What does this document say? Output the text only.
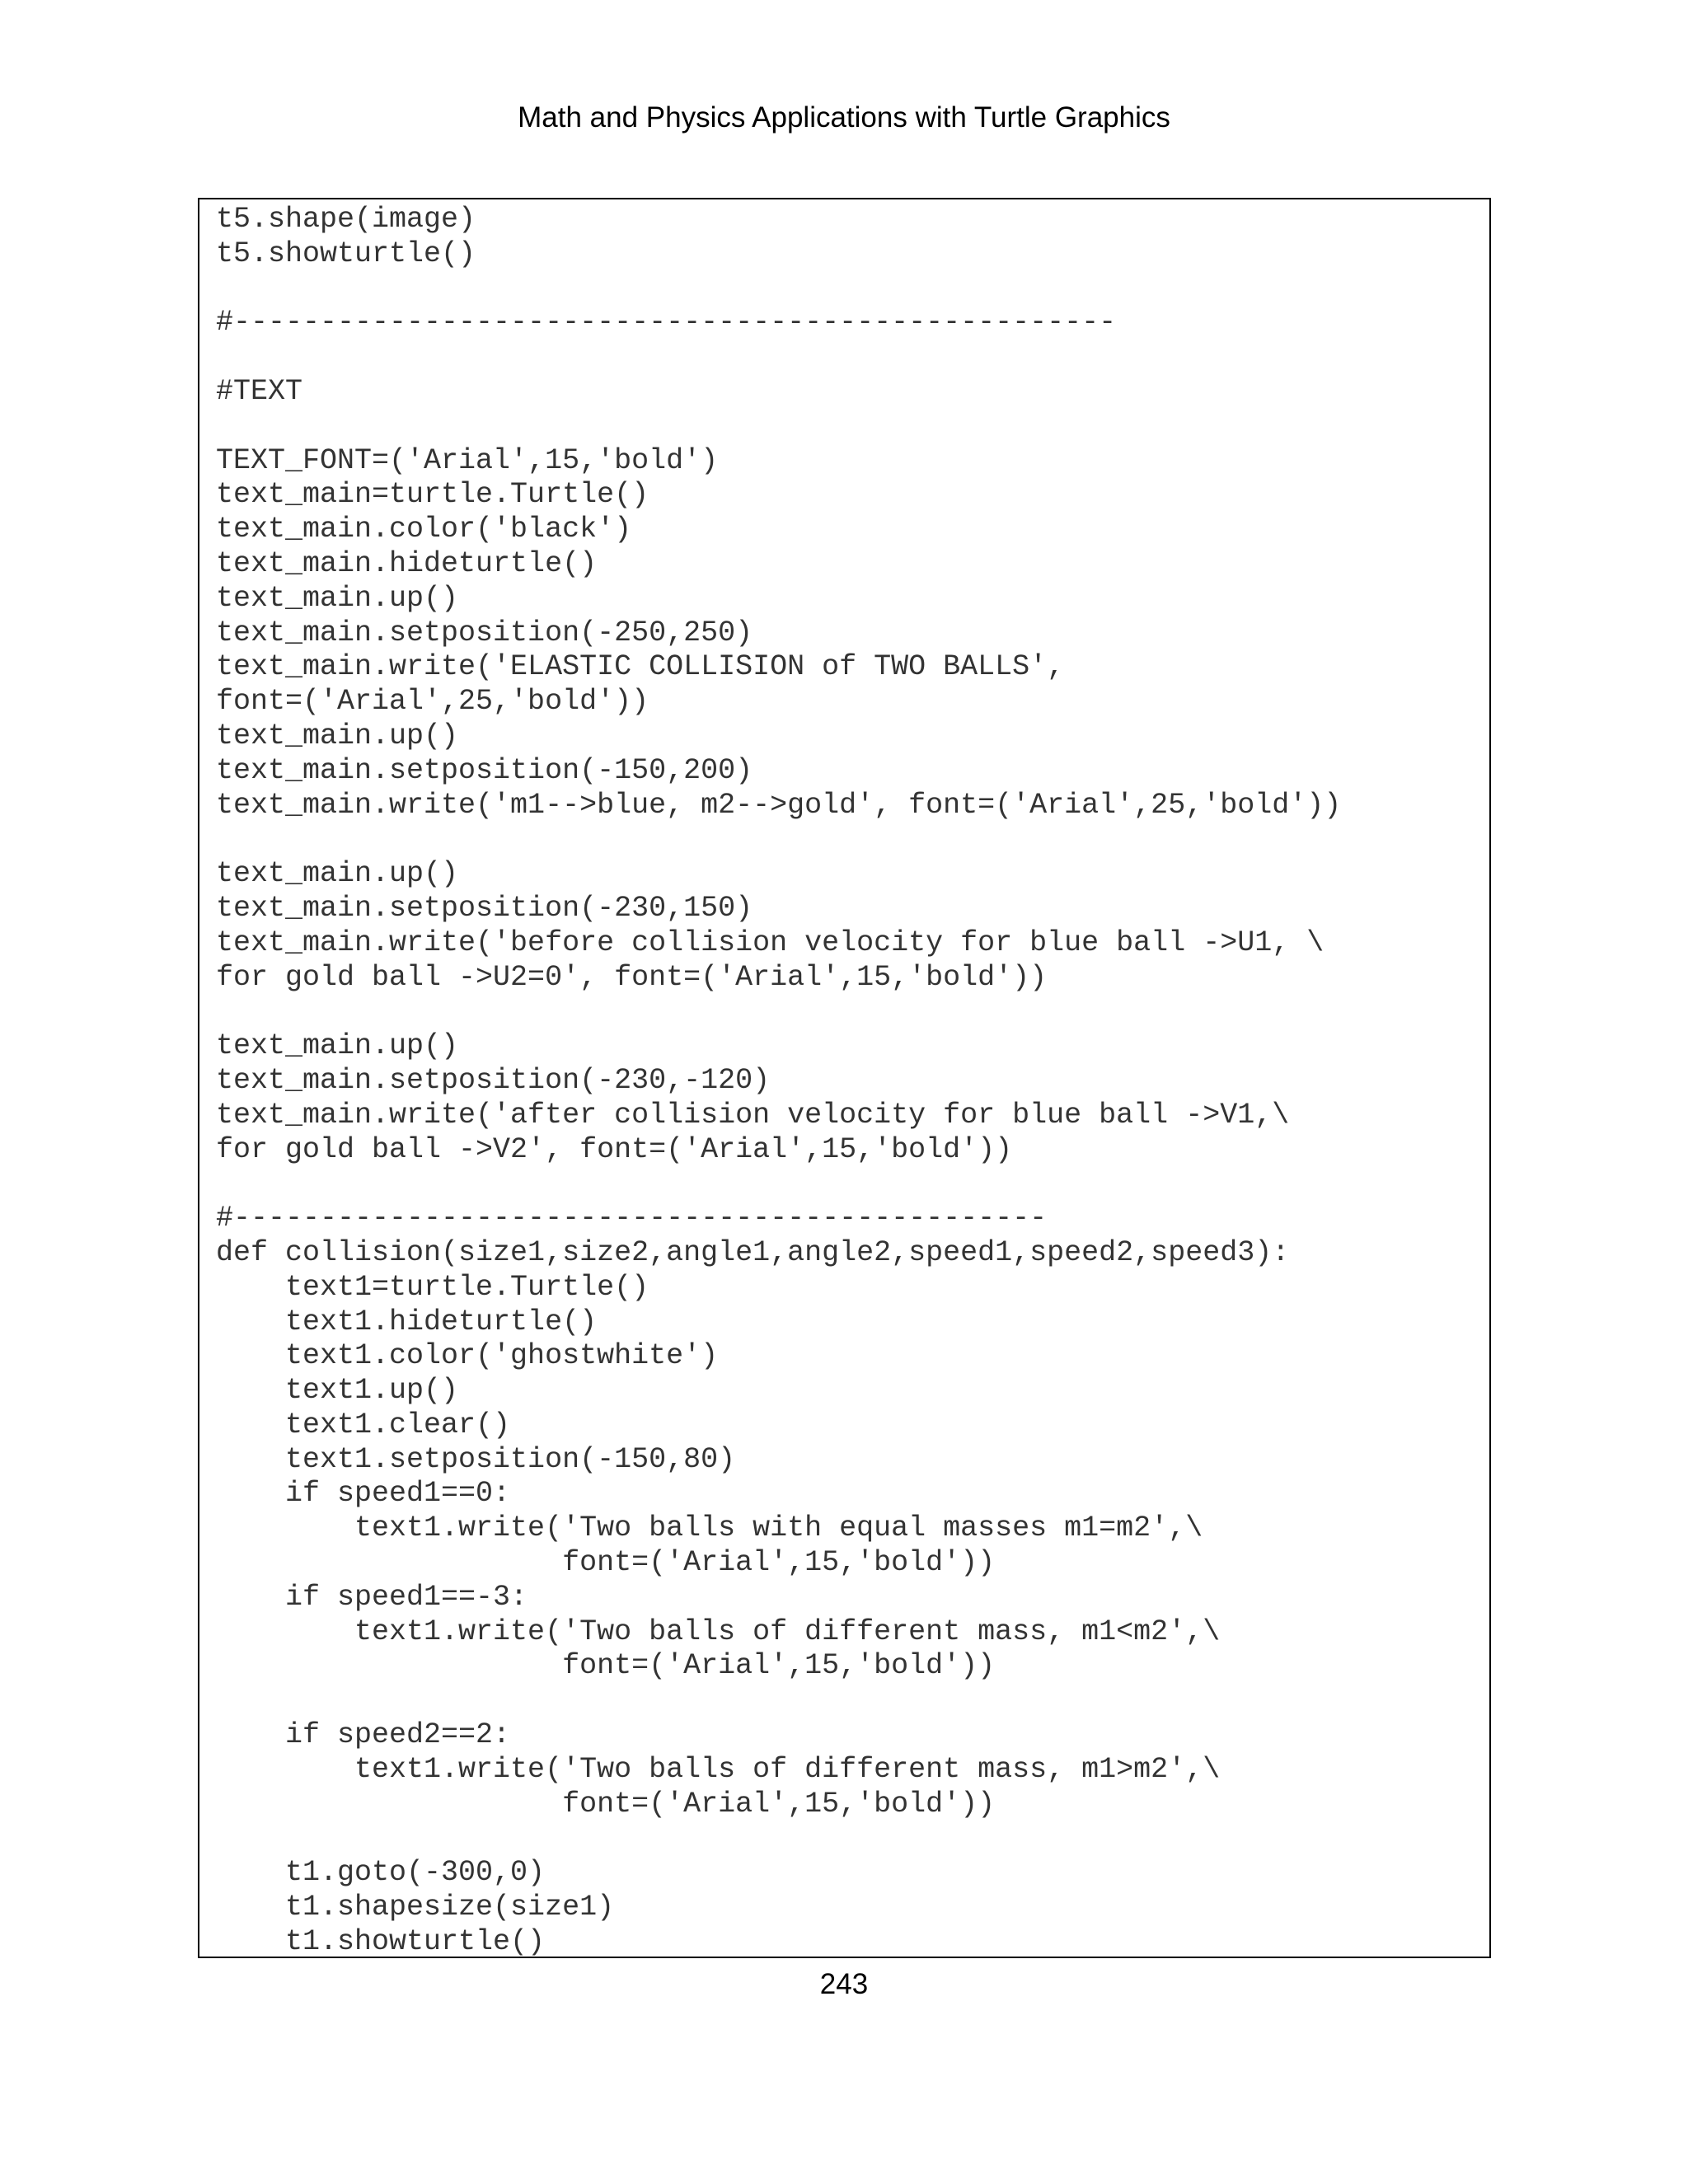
Math and Physics Applications with Turtle Graphics
t5.shape(image)
t5.showturtle()
#---------------------------------------------------
#TEXT
TEXT_FONT=('Arial',15,'bold')
text_main=turtle.Turtle()
text_main.color('black')
text_main.hideturtle()
text_main.up()
text_main.setposition(-250,250)
text_main.write('ELASTIC COLLISION of TWO BALLS',
font=('Arial',25,'bold'))
text_main.up()
text_main.setposition(-150,200)
text_main.write('m1-->blue, m2-->gold', font=('Arial',25,'bold'))
text_main.up()
text_main.setposition(-230,150)
text_main.write('before collision velocity for blue ball ->U1, \
for gold ball ->U2=0', font=('Arial',15,'bold'))
text_main.up()
text_main.setposition(-230,-120)
text_main.write('after collision velocity for blue ball ->V1,\
for gold ball ->V2', font=('Arial',15,'bold'))
#-----------------------------------------------
def collision(size1,size2,angle1,angle2,speed1,speed2,speed3):
text1=turtle.Turtle()
text1.hideturtle()
text1.color('ghostwhite')
text1.up()
text1.clear()
text1.setposition(-150,80)
if speed1==0:
text1.write('Two balls with equal masses m1=m2',\
font=('Arial',15,'bold'))
if speed1==-3:
text1.write('Two balls of different mass, m1<m2',\
font=('Arial',15,'bold'))
if speed2==2:
text1.write('Two balls of different mass, m1>m2',\
font=('Arial',15,'bold'))
t1.goto(-300,0)
t1.shapesize(size1)
t1.showturtle()
243
